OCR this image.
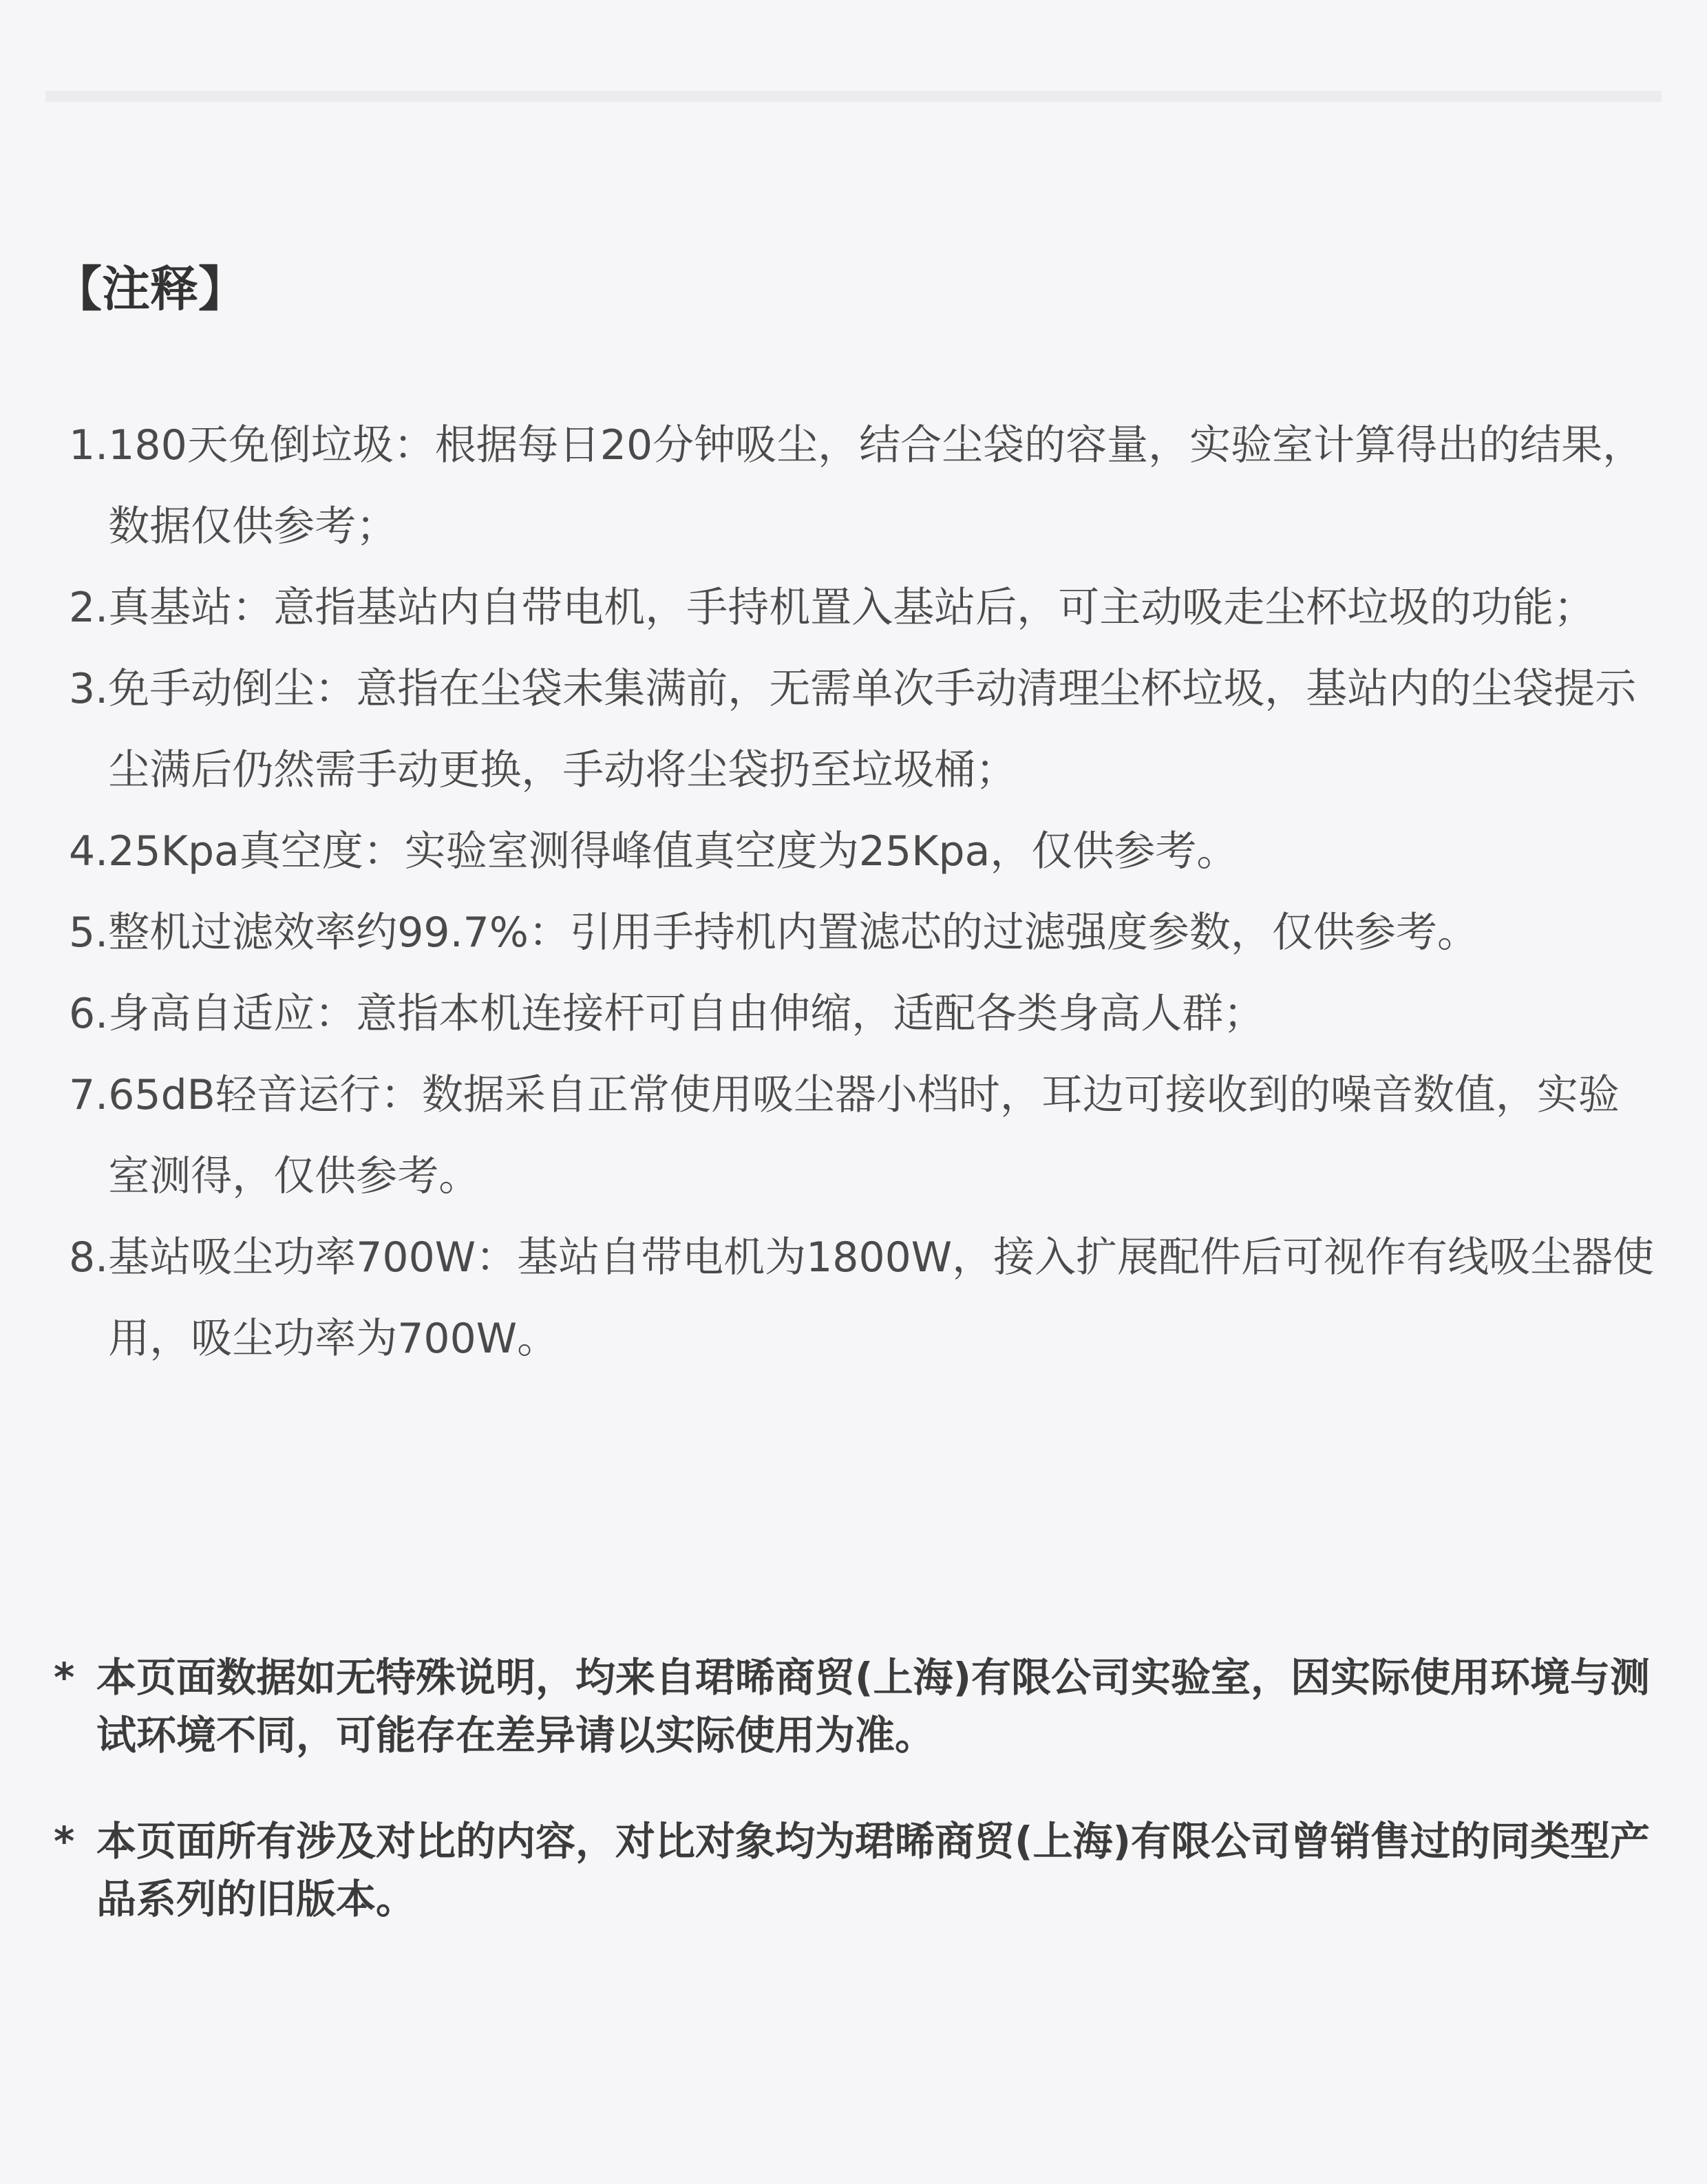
【注释】
1. 180天免倒垃圾：根据每日20分钟吸尘，结合尘袋的容量，实验室计算得出的结果，数据仅供参考；
2. 真基站：意指基站内自带电机，手持机置入基站后，可主动吸走尘杯垃圾的功能；
3. 免手动倒尘：意指在尘袋未集满前，无需单次手动清理尘杯垃圾，基站内的尘袋提示尘满后仍然需手动更换，手动将尘袋扔至垃圾桶；
4. 25Kpa真空度：实验室测得峰值真空度为25Kpa，仅供参考。
5. 整机过滤效率约99.7%：引用手持机内置滤芯的过滤强度参数，仅供参考。
6. 身高自适应：意指本机连接杆可自由伸缩，适配各类身高人群；
7. 65dB轻音运行：数据采自正常使用吸尘器小档时，耳边可接收到的噪音数值，实验室测得，仅供参考。
8. 基站吸尘功率700W：基站自带电机为1800W，接入扩展配件后可视作有线吸尘器使用，吸尘功率为700W。
* 本页面数据如无特殊说明，均来自珺晞商贸(上海)有限公司实验室，因实际使用环境与测试环境不同，可能存在差异请以实际使用为准。
* 本页面所有涉及对比的内容，对比对象均为珺晞商贸(上海)有限公司曾销售过的同类型产品系列的旧版本。
